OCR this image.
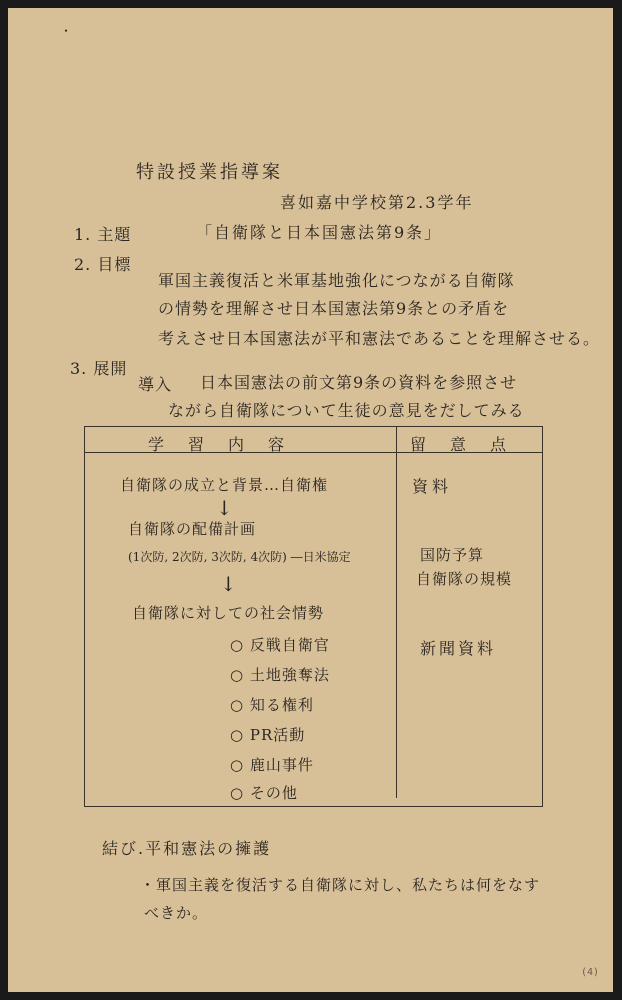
・
特設授業指導案
喜如嘉中学校第2.3学年
1. 主題	「自衛隊と日本国憲法第9条」
2. 目標
軍国主義復活と米軍基地強化につながる自衛隊
の情勢を理解させ日本国憲法第9条との矛盾を
考えさせ日本国憲法が平和憲法であることを理解させる。
3. 展開
導入 日本国憲法の前文第9条の資料を参照させ
ながら自衛隊について生徒の意見をだしてみる
学　習　内　容	留　意　点
自衛隊の成立と背景…自衛権
↓
自衛隊の配備計画
(1次防, 2次防, 3次防, 4次防) ―日米協定
↓
自衛隊に対しての社会情勢
○ 反戦自衛官
○ 土地強奪法
○ 知る権利
○ PR活動
○ 鹿山事件
○ その他
資料
国防予算
自衛隊の規模
新聞資料
結び.平和憲法の擁護
・軍国主義を復活する自衛隊に対し、私たちは何をなす
べきか。
(4)
